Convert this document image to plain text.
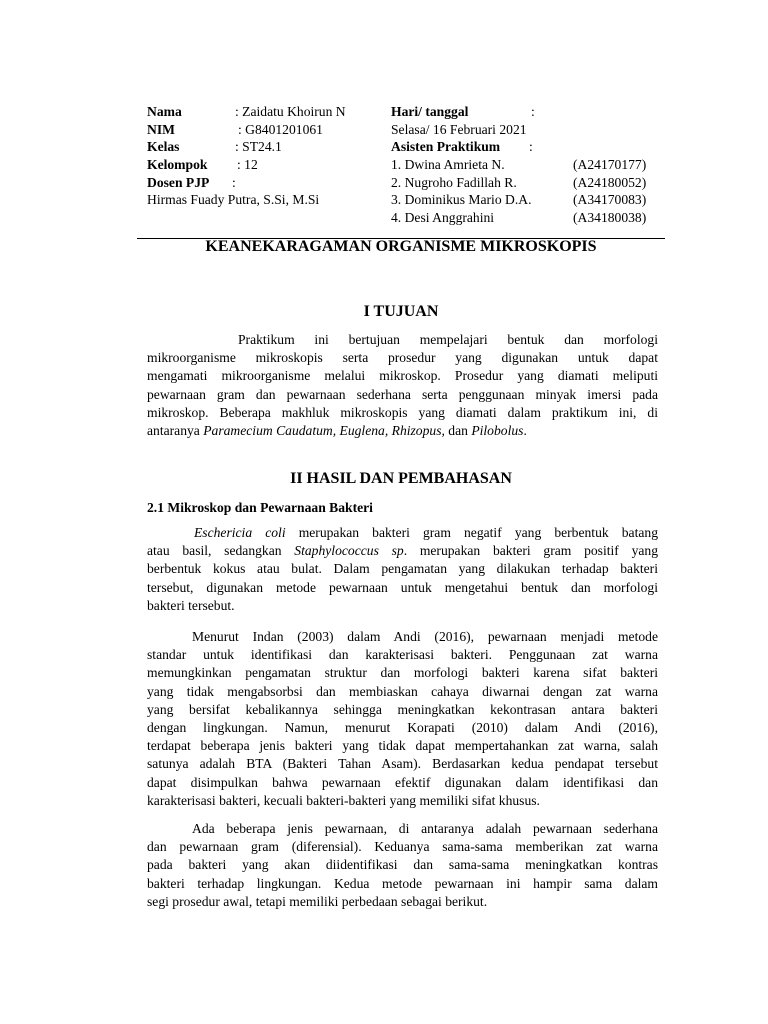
Nama	: Zaidatu Khoirun N
NIM	: G8401201061
Kelas	: ST24.1
Kelompok : 12
Dosen PJP :
Hirmas Fuady Putra, S.Si, M.Si
Hari/ tanggal	:
Selasa/ 16 Februari 2021
Asisten Praktikum :
1. Dwina Amrieta N.	(A24170177)
2. Nugroho Fadillah R.	(A24180052)
3. Dominikus Mario D.A.	(A34170083)
4. Desi Anggrahini	(A34180038)
KEANEKARAGAMAN ORGANISME MIKROSKOPIS
I TUJUAN
Praktikum ini bertujuan mempelajari bentuk dan morfologi
mikroorganisme mikroskopis serta prosedur yang digunakan untuk dapat
mengamati mikroorganisme melalui mikroskop. Prosedur yang diamati meliputi
pewarnaan gram dan pewarnaan sederhana serta penggunaan minyak imersi pada
mikroskop. Beberapa makhluk mikroskopis yang diamati dalam praktikum ini, di
antaranya Paramecium Caudatum, Euglena, Rhizopus, dan Pilobolus.
II HASIL DAN PEMBAHASAN
2.1 Mikroskop dan Pewarnaan Bakteri
Eschericia coli merupakan bakteri gram negatif yang berbentuk batang
atau basil, sedangkan Staphylococcus sp. merupakan bakteri gram positif yang
berbentuk kokus atau bulat. Dalam pengamatan yang dilakukan terhadap bakteri
tersebut, digunakan metode pewarnaan untuk mengetahui bentuk dan morfologi
bakteri tersebut.
Menurut Indan (2003) dalam Andi (2016), pewarnaan menjadi metode
standar untuk identifikasi dan karakterisasi bakteri. Penggunaan zat warna
memungkinkan pengamatan struktur dan morfologi bakteri karena sifat bakteri
yang tidak mengabsorbsi dan membiaskan cahaya diwarnai dengan zat warna
yang bersifat kebalikannya sehingga meningkatkan kekontrasan antara bakteri
dengan lingkungan. Namun, menurut Korapati (2010) dalam Andi (2016),
terdapat beberapa jenis bakteri yang tidak dapat mempertahankan zat warna, salah
satunya adalah BTA (Bakteri Tahan Asam). Berdasarkan kedua pendapat tersebut
dapat disimpulkan bahwa pewarnaan efektif digunakan dalam identifikasi dan
karakterisasi bakteri, kecuali bakteri-bakteri yang memiliki sifat khusus.
Ada beberapa jenis pewarnaan, di antaranya adalah pewarnaan sederhana
dan pewarnaan gram (diferensial). Keduanya sama-sama memberikan zat warna
pada bakteri yang akan diidentifikasi dan sama-sama meningkatkan kontras
bakteri terhadap lingkungan. Kedua metode pewarnaan ini hampir sama dalam
segi prosedur awal, tetapi memiliki perbedaan sebagai berikut.
